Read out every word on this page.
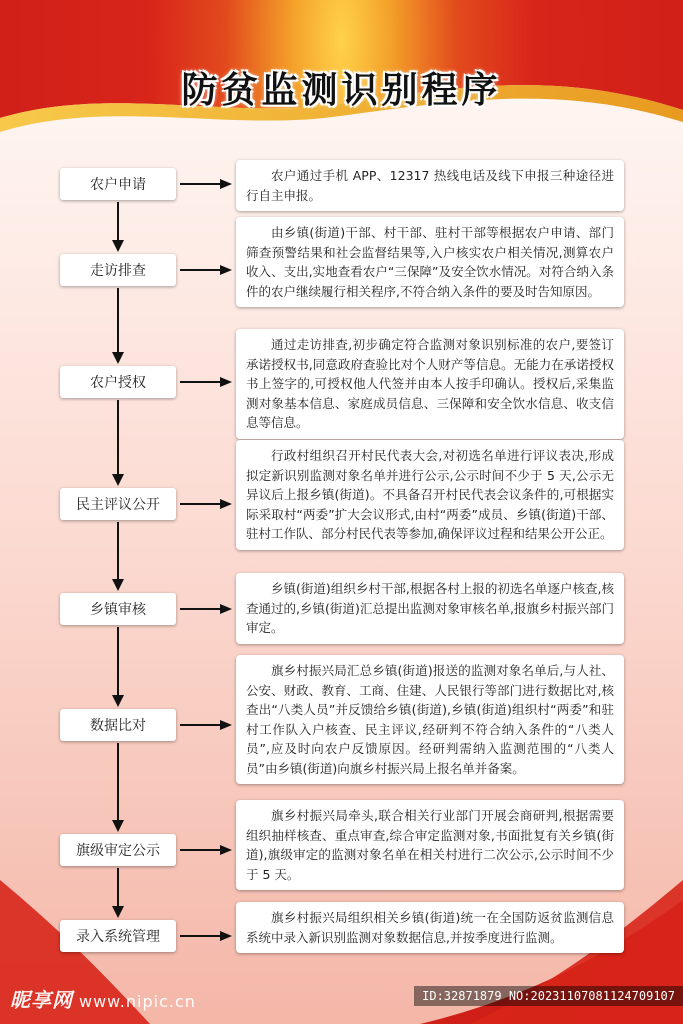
防贫监测识别程序
农户申请
走访排查
农户授权
民主评议公开
乡镇审核
数据比对
旗级审定公示
录入系统管理
农户通过手机 APP、12317 热线电话及线下申报三种途径进行自主申报。
由乡镇(街道)干部、村干部、驻村干部等根据农户申请、部门筛查预警结果和社会监督结果等,入户核实农户相关情况,测算农户收入、支出,实地查看农户“三保障”及安全饮水情况。对符合纳入条件的农户继续履行相关程序,不符合纳入条件的要及时告知原因。
通过走访排查,初步确定符合监测对象识别标准的农户,要签订承诺授权书,同意政府查验比对个人财产等信息。无能力在承诺授权书上签字的,可授权他人代签并由本人按手印确认。授权后,采集监测对象基本信息、家庭成员信息、三保障和安全饮水信息、收支信息等信息。
行政村组织召开村民代表大会,对初选名单进行评议表决,形成拟定新识别监测对象名单并进行公示,公示时间不少于 5 天,公示无异议后上报乡镇(街道)。不具备召开村民代表会议条件的,可根据实际采取村“两委”扩大会议形式,由村“两委”成员、乡镇(街道)干部、驻村工作队、部分村民代表等参加,确保评议过程和结果公开公正。
乡镇(街道)组织乡村干部,根据各村上报的初选名单逐户核查,核查通过的,乡镇(街道)汇总提出监测对象审核名单,报旗乡村振兴部门审定。
旗乡村振兴局汇总乡镇(街道)报送的监测对象名单后,与人社、公安、财政、教育、工商、住建、人民银行等部门进行数据比对,核查出“八类人员”并反馈给乡镇(街道),乡镇(街道)组织村“两委”和驻村工作队入户核查、民主评议,经研判不符合纳入条件的“八类人员”,应及时向农户反馈原因。经研判需纳入监测范围的“八类人员”由乡镇(街道)向旗乡村振兴局上报名单并备案。
旗乡村振兴局牵头,联合相关行业部门开展会商研判,根据需要组织抽样核查、重点审查,综合审定监测对象,书面批复有关乡镇(街道),旗级审定的监测对象名单在相关村进行二次公示,公示时间不少于 5 天。
旗乡村振兴局组织相关乡镇(街道)统一在全国防返贫监测信息系统中录入新识别监测对象数据信息,并按季度进行监测。
昵享网 www.nipic.cn	ID:32871879 NO:20231107081124709107
